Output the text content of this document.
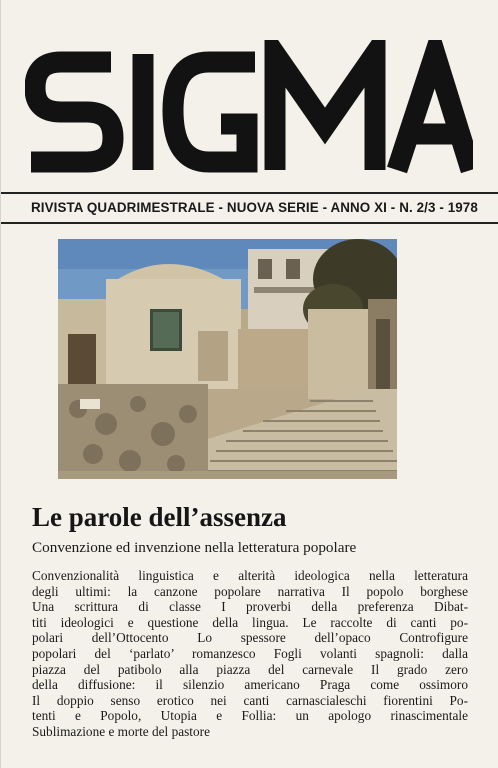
RIVISTA QUADRIMESTRALE - NUOVA SERIE - ANNO XI - N. 2/3 - 1978
Le parole dell’assenza
Convenzione ed invenzione nella letteratura popolare
Convenzionalità linguistica e alterità ideologica nella letteratura
degli ultimi: la canzone popolare narrativa Il popolo borghese
Una scrittura di classe I proverbi della preferenza Dibat-
titi ideologici e questione della lingua. Le raccolte di canti po-
polari dell’Ottocento Lo spessore dell’opaco Controfigure
popolari del ‘parlato’ romanzesco Fogli volanti spagnoli: dalla
piazza del patibolo alla piazza del carnevale Il grado zero
della diffusione: il silenzio americano Praga come ossimoro
Il doppio senso erotico nei canti carnascialeschi fiorentini Po-
tenti e Popolo, Utopia e Follia: un apologo rinascimentale
Sublimazione e morte del pastore
